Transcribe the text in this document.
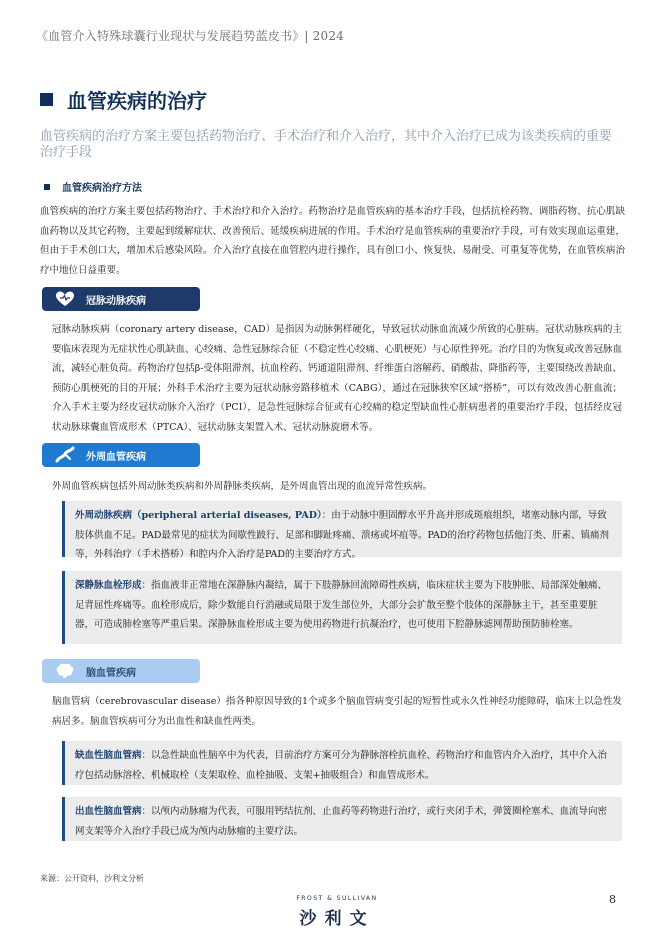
《血管介入特殊球囊行业现状与发展趋势蓝皮书》| 2024
血管疾病的治疗
血管疾病的治疗方案主要包括药物治疗、手术治疗和介入治疗，其中介入治疗已成为该类疾病的重要治疗手段
血管疾病治疗方法
血管疾病的治疗方案主要包括药物治疗、手术治疗和介入治疗。药物治疗是血管疾病的基本治疗手段，包括抗栓药物、调脂药物、抗心肌缺血药物以及其它药物，主要起到缓解症状、改善预后、延缓疾病进展的作用。手术治疗是血管疾病的重要治疗手段，可有效实现血运重建，但由于手术创口大，增加术后感染风险。介入治疗直接在血管腔内进行操作，具有创口小、恢复快、易耐受、可重复等优势，在血管疾病治疗中地位日益重要。
冠脉动脉疾病
冠脉动脉疾病（coronary artery disease，CAD）是指因为动脉粥样硬化，导致冠状动脉血流减少所致的心脏病。冠状动脉疾病的主要临床表现为无症状性心肌缺血、心绞痛、急性冠脉综合征（不稳定性心绞痛、心肌梗死）与心原性猝死。治疗目的为恢复或改善冠脉血流，减轻心脏负荷。药物治疗包括β-受体阻滞剂、抗血栓药、钙通道阻滞剂、纤维蛋白溶解药、硝酸盐、降脂药等，主要围绕改善缺血、预防心肌梗死的目的开展；外科手术治疗主要为冠状动脉旁路移植术（CABG），通过在冠脉狭窄区域“搭桥”，可以有效改善心脏血流；介入手术主要为经皮冠状动脉介入治疗（PCI），是急性冠脉综合征或有心绞痛的稳定型缺血性心脏病患者的重要治疗手段，包括经皮冠状动脉球囊血管成形术（PTCA）、冠状动脉支架置入术、冠状动脉旋磨术等。
外周血管疾病
外周血管疾病包括外周动脉类疾病和外周静脉类疾病，是外周血管出现的血流异常性疾病。
外周动脉疾病（peripheral arterial diseases, PAD）：由于动脉中胆固醇水平升高并形成斑痕组织，堵塞动脉内部，导致肢体供血不足。PAD最常见的症状为间歇性跛行、足部和脚趾疼痛、溃疡或坏疽等。PAD的治疗药物包括他汀类、肝素、镇痛剂等，外科治疗（手术搭桥）和腔内介入治疗是PAD的主要治疗方式。
深静脉血栓形成：指血液非正常地在深静脉内凝结，属于下肢静脉回流障碍性疾病，临床症状主要为下肢肿胀、局部深处触痛、足背屈性疼痛等。血栓形成后，除少数能自行消融或局限于发生部位外，大部分会扩散至整个肢体的深静脉主干，甚至重要脏器，可造成肺栓塞等严重后果。深静脉血栓形成主要为使用药物进行抗凝治疗，也可使用下腔静脉滤网帮助预防肺栓塞。
脑血管疾病
脑血管病（cerebrovascular disease）指各种原因导致的1个或多个脑血管病变引起的短暂性或永久性神经功能障碍，临床上以急性发病居多。脑血管疾病可分为出血性和缺血性两类。
缺血性脑血管病：以急性缺血性脑卒中为代表，目前治疗方案可分为静脉溶栓抗血栓、药物治疗和血管内介入治疗，其中介入治疗包括动脉溶栓、机械取栓（支架取栓、血栓抽吸、支架+抽吸组合）和血管成形术。
出血性脑血管病：以颅内动脉瘤为代表，可服用钙结抗剂、止血药等药物进行治疗，或行夹闭手术，弹簧圈栓塞术、血流导向密网支架等介入治疗手段已成为颅内动脉瘤的主要疗法。
来源：公开资料，沙利文分析
FROST & SULLIVAN
沙利文
8
